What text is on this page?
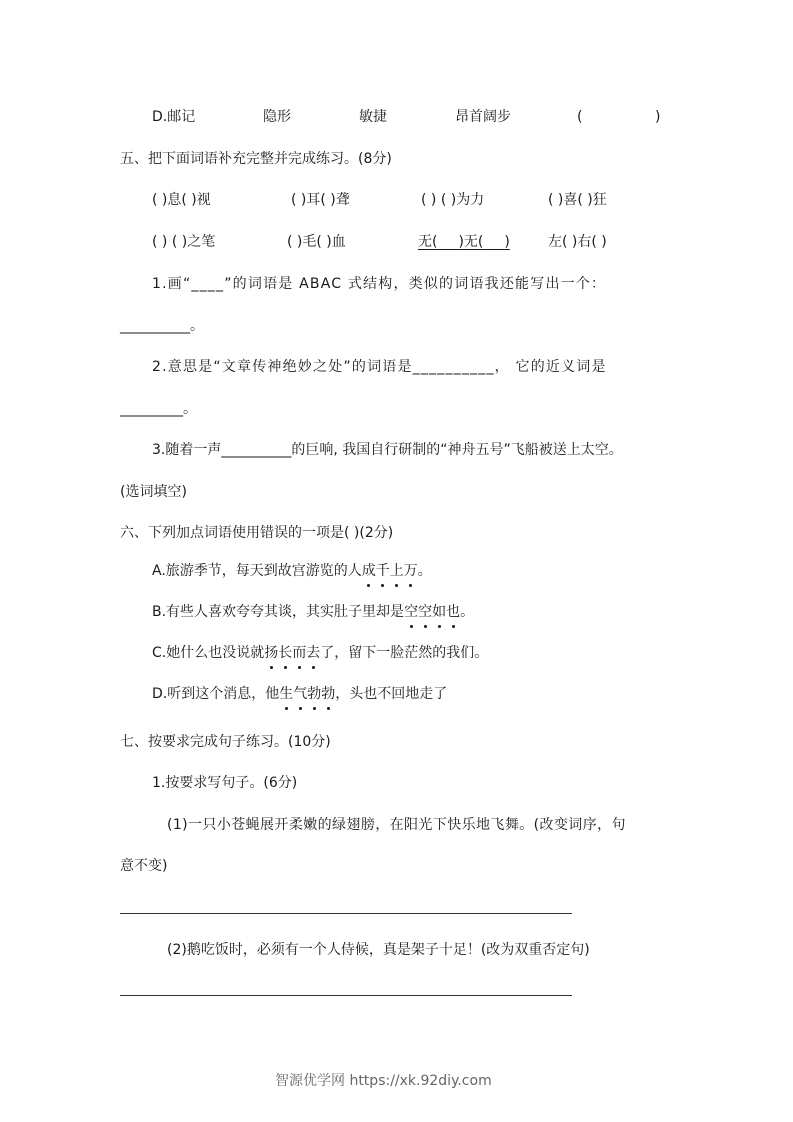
D.邮记	隐形	敏捷	昂首阔步	(	)
五、把下面词语补充完整并完成练习。(8分)
( )息( )视	( )耳( )聋	( ) ( )为力	( )喜( )狂
( ) ( )之笔	( )毛( )血	无(   )无(   )	左( )右( )
1.画“____”的词语是 ABAC 式结构，类似的词语我还能写出一个：
__________。
2.意思是“文章传神绝妙之处”的词语是__________， 它的近义词是
_________。
3.随着一声__________的巨响, 我国自行研制的“神舟五号”飞船被送上太空。
(选词填空)
六、下列加点词语使用错误的一项是( )(2分)
A.旅游季节，每天到故宫游览的人成千上万。
B.有些人喜欢夸夸其谈，其实肚子里却是空空如也。
C.她什么也没说就扬长而去了，留下一脸茫然的我们。
D.听到这个消息，他生气勃勃，头也不回地走了
七、按要求完成句子练习。(10分)
1.按要求写句子。(6分)
(1)一只小苍蝇展开柔嫩的绿翅膀，在阳光下快乐地飞舞。(改变词序，句
意不变)
(2)鹅吃饭时，必须有一个人侍候，真是架子十足！(改为双重否定句)
智源优学网 https://xk.92diy.com
